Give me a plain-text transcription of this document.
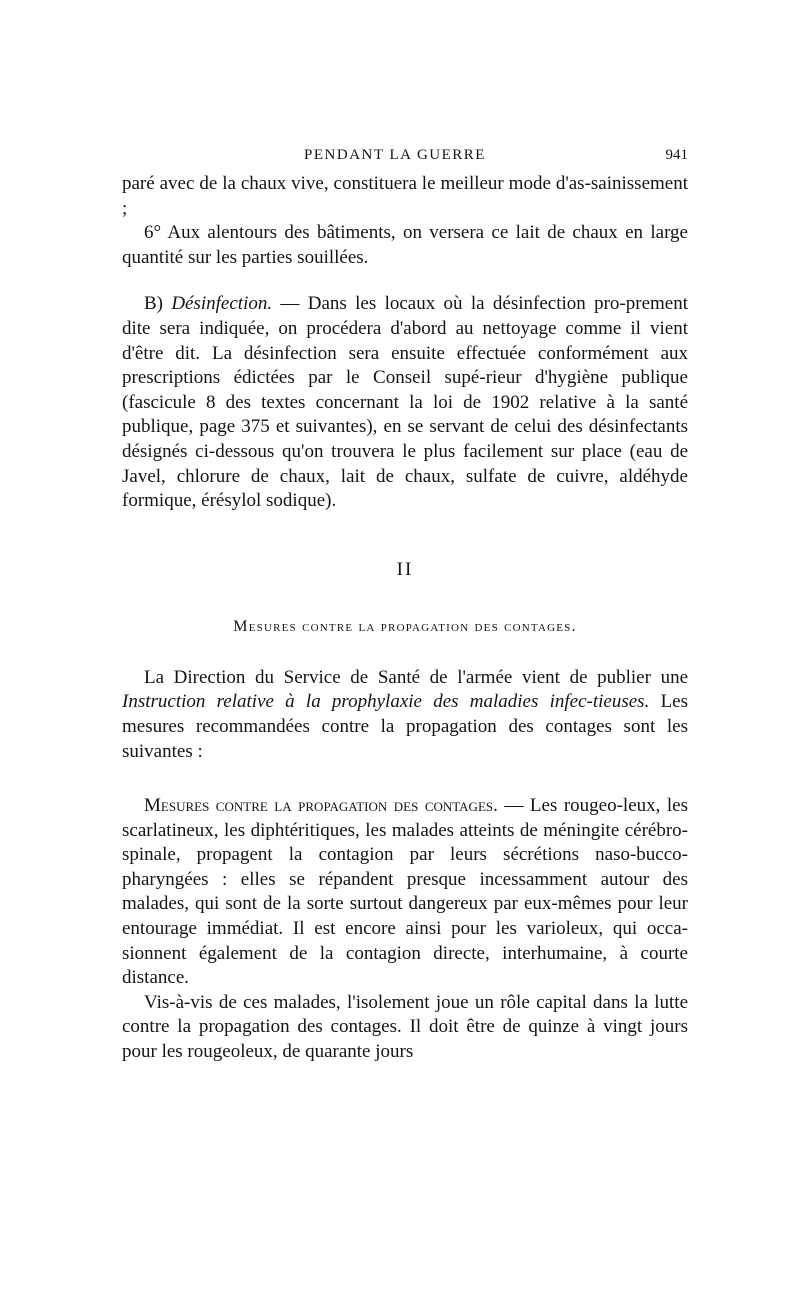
PENDANT LA GUERRE	941

paré avec de la chaux vive, constituera le meilleur mode d'as-sainissement ;

6° Aux alentours des bâtiments, on versera ce lait de chaux en large quantité sur les parties souillées.

B) Désinfection. — Dans les locaux où la désinfection pro-prement dite sera indiquée, on procédera d'abord au nettoyage comme il vient d'être dit. La désinfection sera ensuite effectuée conformément aux prescriptions édictées par le Conseil supé-rieur d'hygiène publique (fascicule 8 des textes concernant la loi de 1902 relative à la santé publique, page 375 et suivantes), en se servant de celui des désinfectants désignés ci-dessous qu'on trouvera le plus facilement sur place (eau de Javel, chlorure de chaux, lait de chaux, sulfate de cuivre, aldéhyde formique, érésylol sodique).

II
Mesures contre la propagation des contages.

La Direction du Service de Santé de l'armée vient de publier une Instruction relative à la prophylaxie des maladies infec-tieuses. Les mesures recommandées contre la propagation des contages sont les suivantes :

Mesures contre la propagation des contages. — Les rougeo-leux, les scarlatineux, les diphtéritiques, les malades atteints de méningite cérébro-spinale, propagent la contagion par leurs sécrétions naso-bucco-pharyngées : elles se répandent presque incessamment autour des malades, qui sont de la sorte surtout dangereux par eux-mêmes pour leur entourage immédiat. Il est encore ainsi pour les varioleux, qui occa-sionnent également de la contagion directe, interhumaine, à courte distance.

Vis-à-vis de ces malades, l'isolement joue un rôle capital dans la lutte contre la propagation des contages. Il doit être de quinze à vingt jours pour les rougeoleux, de quarante jours
